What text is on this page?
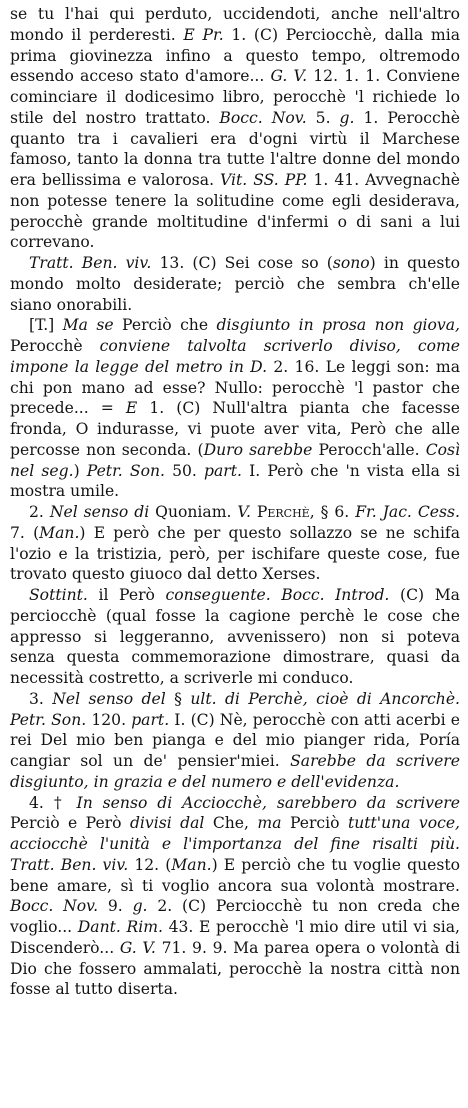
se tu l'hai qui perduto, uccidendoti, anche nell'altro mondo il perderesti. E Pr. 1. (C) Perciocchè, dalla mia prima giovinezza infino a questo tempo, oltremodo essendo acceso stato d'amore... G. V. 12. 1. 1. Conviene cominciare il dodicesimo libro, perocchè 'l richiede lo stile del nostro trattato. Bocc. Nov. 5. g. 1. Perocchè quanto tra i cavalieri era d'ogni virtù il Marchese famoso, tanto la donna tra tutte l'altre donne del mondo era bellissima e valorosa. Vit. SS. PP. 1. 41. Avvegnachè non potesse tenere la solitudine come egli desiderava, perocchè grande moltitudine d'infermi o di sani a lui correvano.

Tratt. Ben. viv. 13. (C) Sei cose so (sono) in questo mondo molto desiderate; perciò che sembra ch'elle siano onorabili.

[T.] Ma se Perciò che disgiunto in prosa non giova, Perocchè conviene talvolta scriverlo diviso, come impone la legge del metro in D. 2. 16. Le leggi son: ma chi pon mano ad esse? Nullo: perocchè 'l pastor che precede... = E 1. (C) Null'altra pianta che facesse fronda, O indurasse, vi puote aver vita, Però che alle percosse non seconda. (Duro sarebbe Perocch'alle. Così nel seg.) Petr. Son. 50. part. I. Però che 'n vista ella si mostra umile.

2. Nel senso di Quoniam. V. Perchè, § 6. Fr. Jac. Cess. 7. (Man.) E però che per questo sollazzo se ne schifa l'ozio e la tristizia, però, per ischifare queste cose, fue trovato questo giuoco dal detto Xerses.

Sottint. il Però conseguente. Bocc. Introd. (C) Ma perciocchè (qual fosse la cagione perchè le cose che appresso si leggeranno, avvenissero) non si poteva senza questa commemorazione dimostrare, quasi da necessità costretto, a scriverle mi conduco.

3. Nel senso del § ult. di Perchè, cioè di Ancorchè. Petr. Son. 120. part. I. (C) Nè, perocchè con atti acerbi e rei Del mio ben pianga e del mio pianger rida, Poría cangiar sol un de' pensier'miei. Sarebbe da scrivere disgiunto, in grazia e del numero e dell'evidenza.

4. † In senso di Acciocchè, sarebbero da scrivere Perciò e Però divisi dal Che, ma Perciò tutt'una voce, acciocchè l'unità e l'importanza del fine risalti più. Tratt. Ben. viv. 12. (Man.) E perciò che tu voglie questo bene amare, sì ti voglio ancora sua volontà mostrare. Bocc. Nov. 9. g. 2. (C) Perciocchè tu non creda che voglio... Dant. Rim. 43. E perocchè 'l mio dire util vi sia, Discenderò... G. V. 71. 9. 9. Ma parea opera o volontà di Dio che fossero ammalati, perocchè la nostra città non fosse al tutto diserta.
